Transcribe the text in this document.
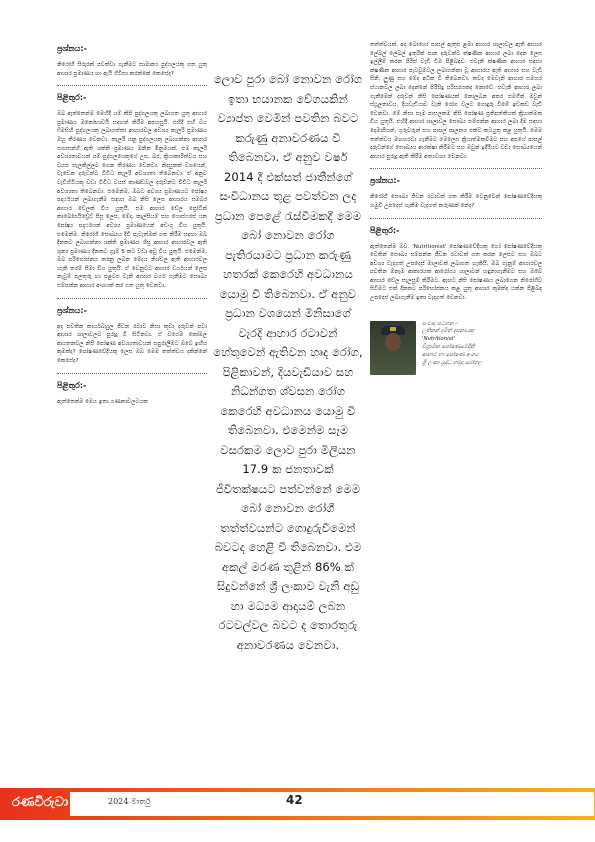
ප්‍රශ්නය:-

නිරෝගී සිරුරක් පවත්වා ගැනීමට සාමාන්‍ය පුද්ගලයකු ගත යුතු ආහාර ප්‍රමාණය හා ඇයි ගිවිසා කරන්නේ කෙසේද?

පිළිතුර:-

ඔබ ඇත්තෙන්ම මෙහිදී යම් කිසි පුද්ගලයකු ලබාගත යුතු ආහාර ප්‍රමාණය මනෝභාවයි සඳහන් කිරීම අපහසුයි. එහිදී එහි වය ෆිමසිහි පුද්ගලයකු ලබාගත්තා ආහාරවල අවශ්‍ය කැලරි ප්‍රමාණය ඔහු තීරණය වෙනවා. කැලරි යනු පුද්ගලයකු ලබාගන්නා ආහාර සාහසන්ගී ඇති ශක්ති ප්‍රමාණය මනින මිනුමයක්. එම කැලරි අවශ්‍යතාවයන් යම් පුද්ගලයෙකුගේ උස, බර, ක්‍රියාකාරිත්වය සහ වයස සැලකිල්ලට ගෙන තීරණය වෙනවා. නිදසුනක් වශයෙන්, වැඩෙන දරුවන්ට විවිධ කැලරි අවශ්‍යතා තිබෙනවා. ඒ අනුව වැඩිහිටියකු වඩා විවිධ වයස් කාණ්ඩවල දරුවන්ට විවිධ කැලරි අවශ්‍යතා තිබෙනවා. එමෙන්ම, ඔබට අවශ්‍ය ප්‍රමාණයට පෝෂ්‍ය පදාර්ථයන් ලබාගැනීම සඳහා ඔබ නිසි ලෙස ආහාරය සමබර ආහාර වේලක් විය යුතුයි. එම ආහාර වේල ප්‍රෝටීන් කාබෝහයිඩ්‍රේට් පිසූ ලෙස, මේද, කැල්සියම් සහ ෆොස්ෆරස් යන පෝෂ්‍ය පදාර්ථයන් අවශ්‍ය ප්‍රමාණයෙන් අඩංගු විය යුතුයි. එමෙන්ම, නිරෝගී සෞඛ්‍යය දිවි පැවැත්මක් ගත කිරීම සඳහා ඔබ දිනකට ලබාගන්නා ශක්ති ප්‍රමාණය ශීඝ්‍ර ආහාර ආහාරවල ඇති ශුන්‍ය ප්‍රමාණය දිනකට ග්‍රෑම් 5 කට වඩා අඩු විය යුතුයි. එමෙන්ම, ඔබ පරිභෝජනය කරනු ලබන මේදය නිශ්චල ඇති ආහාරවල හැකි තරම් සීමා විය යුතුයි. ඒ වෙනුවට ආහාර වර්ගයන් ලෙස නැවුම් පලතුරු හා එළවළු වැනි ආහාර වර්ග ගැනීමට සෞඛ්‍ය සම්පන්න ආහාර අංශයක් කර ගත යුතු වෙනවා.

ප්‍රශ්නය:-

අද පවතින කාර්යබහුල ජීවන රටාව නිසා කුඩා දරුවන් පවා ආහාර ශාලාවලට පුරුදු වී සිටිනවා. ඒ වගේම කෝමල ආයතනවල නිසි පෝෂණ අවශ්‍යතාවයන් සපුරාලීමට ඔබේ ඉඟිය කුමක්ද? පෝෂණවේදියකු ලෙස ඔබ මෙම තත්ත්වය දකින්නේ කෙසේද?

පිළිතුර:-

ඇත්තෙන්ම මෙය ඉතා ගණනාවලටයක

ලොව පුරා බෝ නොවන රෝග ඉතා භයානක වේගයකින් ව්‍යාප්ත වෙමින් පවතින බවට කරුණු අනාවරණය වී තිබෙනවා. ඒ අනුව වර්ෂ 2014 දී එක්සත් ජාතීන්ගේ සංවිධානය තුළ පවත්වන ලද ප්‍රධාන පෙළේ රැස්වීමකදී මෙම බෝ නොවන රෝග පැතිරයාමට ප්‍රධාන කරුණු හතරක් කෙරෙහි අවධානය යොමු වී තිබෙනවා. ඒ අනුව ප්‍රධාන වශයෙන් මිනිසාගේ වැරදි ආහාර රටාවන් හේතුවෙන් ඇතිවන හෘද රෝග, පිළිකාවන්, දියවැඩියාව සහ නිධන්ගත ශ්වසන රෝග කෙරෙහි අවධානය යොමු වී තිබෙනවා. එමෙන්ම සෑම වසරකම ලොව පුරා මිලියන 17.9 ක ජනතාවක් ජීවිතක්ෂයට පත්වන්නේ මෙම බෝ නොවන රෝගී තත්ත්වයන්ට ගොදුරුවීමෙන් බවටද හෙළි වී තිබෙනවා. එම අකල් මරණ තුළින් 86% ක් සිදුවන්නේ ශ්‍රී ලංකාව වැනි අඩු හා මධ්‍යම ආදායම් ලබන රටවල්වල බවට ද තොරතුරු අනාවරණය වෙනවා.

තත්ත්වයක්, අද බොහෝ පාසල් ඇතුළු ළමා ආහාර ශාලාවල ඇති ආහාර ලේබල් ලේබල් ඉතුරින් පාන දරුවන්ට ක්ෂණික ආහාර ලබා දෙන ලෙස ඉල්ලීම් කරන පිරිස් වැඩි වීම පිළිබඳව. එවැනි ක්ෂණික ආහාර සඳහා ක්ෂණික ආහාර පැටවුම්වල ලබාගන්නා වූ ආහාරය ඇති ආහාර සහ වැඩි සීනි, ලුණු සහ මේද අධික වී තිබෙනවා. තවද මෙවැනි ආහාර සමහර ස්ථානවල ලබා දෙන්නේ පිරිසිදු පරිසරයකද නොවේ. එවැනි ආහාර ලබා ගැනීමෙන් දරුවන් නිසි පෝෂණයක් නොලබන අතර එමගින් ඔවුන් ස්ථූලතාවය, දියවැඩියාව වැනි රෝග වලට ගොදුරු වීමේ ඉඩකඩ වැඩි වෙනවා. මේ නිසා සෑම පාසලකම නිසි පෝෂණ ප්‍රතිපත්තියක් ක්‍රියාත්මක විය යුතුයි. එහිදී ආහාර ශාලාවල සෞඛ්‍ය සම්පන්න ආහාර ලබා දීම සඳහා දෙමාපියන්, ගුරුවරුන් සහ පාසල් පාලනය එක්ව කටයුතු කළ යුතුයි. මෙම තත්ත්වය මඟහරවා ගැනීමට මෙලෙස ක්‍රියාත්මකවීමට සහ අපගේ පාසල් දරුවන්ගේ සෞඛ්‍යය ආරක්ෂා කිරීමට සහ ඔවුන් ඉදිරියට වඩා සෞඛ්‍යයෙන් ආහාර පුරුදු ඇති කිරීම අත්‍යවශ්‍ය වෙනවා.

ප්‍රශ්නය:-

නිරෝගී සෞඛ්‍ය ජීවන රටාවක් ගත කිරීම වෙනුවෙන් පෝෂණවේදියකු හමුවී උපදෙස් ගැනීම වැදගත් කරුණක් නේද?

පිළිතුර:-

ඇත්තෙන්ම ඔව. 'Nutritionist' පෝෂණවේදියකු හෝ පෝෂණවේදියකු වෙතින් සෞඛ්‍ය සම්පන්න ජීවන රටාවක් ගත කරන ලෙසට සහ ඔබට අවශ්‍ය වැදගත් උපදෙස් මාලාවක් ලබාගත හැකියි. ඔබ ගැනුම් ආහාරවල පවතින ඕනෑම ආකාරයක ආරෝග්‍ය ශාලාවන් හඳුනාගැනීමට සහ ඔබේ ආහාර වේල සැලසුම් කිරීමට. ඇඟට නිසි පෝෂණය ලබාගෙන නිරෝගීව සිටීමට එක් දිනකට පරිභෝජනය කළ යුතු ආහාර කුමක්ද යන්න පිළිබඳ උපදෙස් ලබාගැනීම ඉතා වැදගත් වෙනවා.

සංවාද සටහන -
ලුතිනන් දමිත් දසනායක
'Nutritionist'
විශ්‍රාමික පෝෂණවේදීනී
ආහාර හා පෝෂණ අංශය
ශ්‍රී ලංකා යුද්ධ හමුදා රෝහල
රණවිරුවා	2024 මාර්තු	42
